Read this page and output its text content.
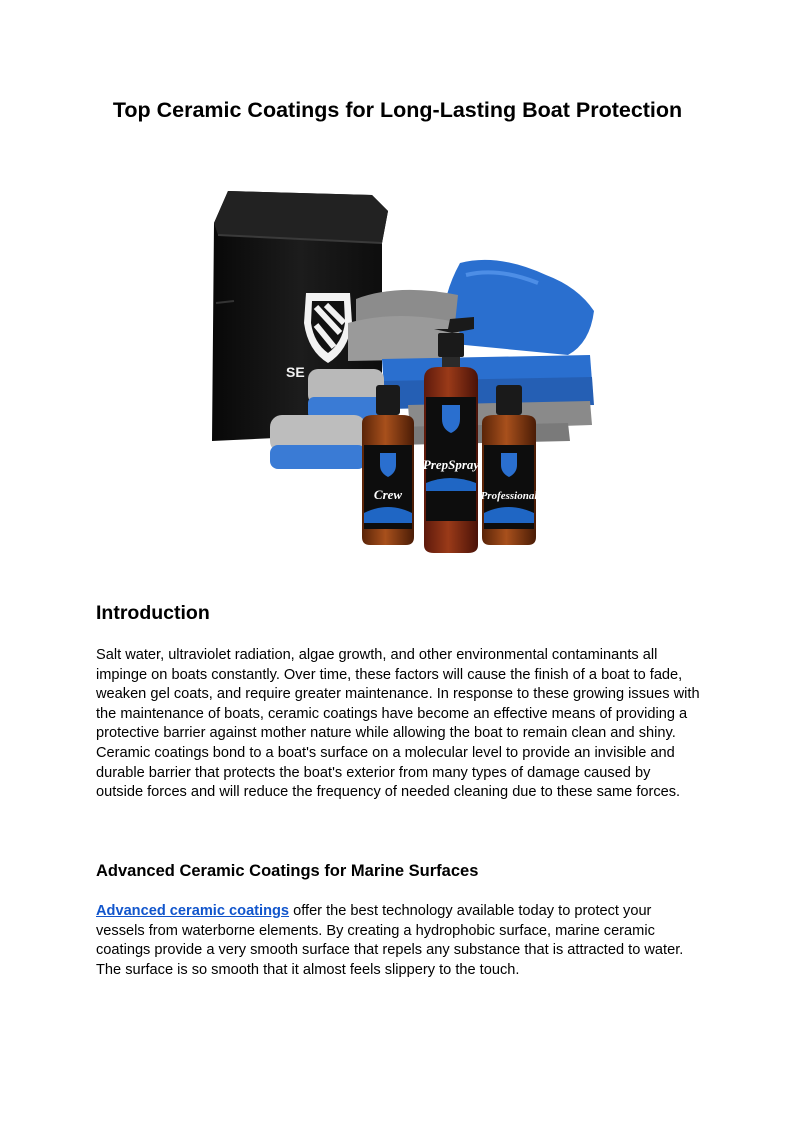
Top Ceramic Coatings for Long-Lasting Boat Protection
SE
Crew	Professional
PrepSpray
Introduction

Salt water, ultraviolet radiation, algae growth, and other environmental contaminants all impinge on boats constantly. Over time, these factors will cause the finish of a boat to fade, weaken gel coats, and require greater maintenance. In response to these growing issues with the maintenance of boats, ceramic coatings have become an effective means of providing a protective barrier against mother nature while allowing the boat to remain clean and shiny. Ceramic coatings bond to a boat's surface on a molecular level to provide an invisible and durable barrier that protects the boat's exterior from many types of damage caused by outside forces and will reduce the frequency of needed cleaning due to these same forces.

Advanced Ceramic Coatings for Marine Surfaces

Advanced ceramic coatings offer the best technology available today to protect your vessels from waterborne elements. By creating a hydrophobic surface, marine ceramic coatings provide a very smooth surface that repels any substance that is attracted to water. The surface is so smooth that it almost feels slippery to the touch.
